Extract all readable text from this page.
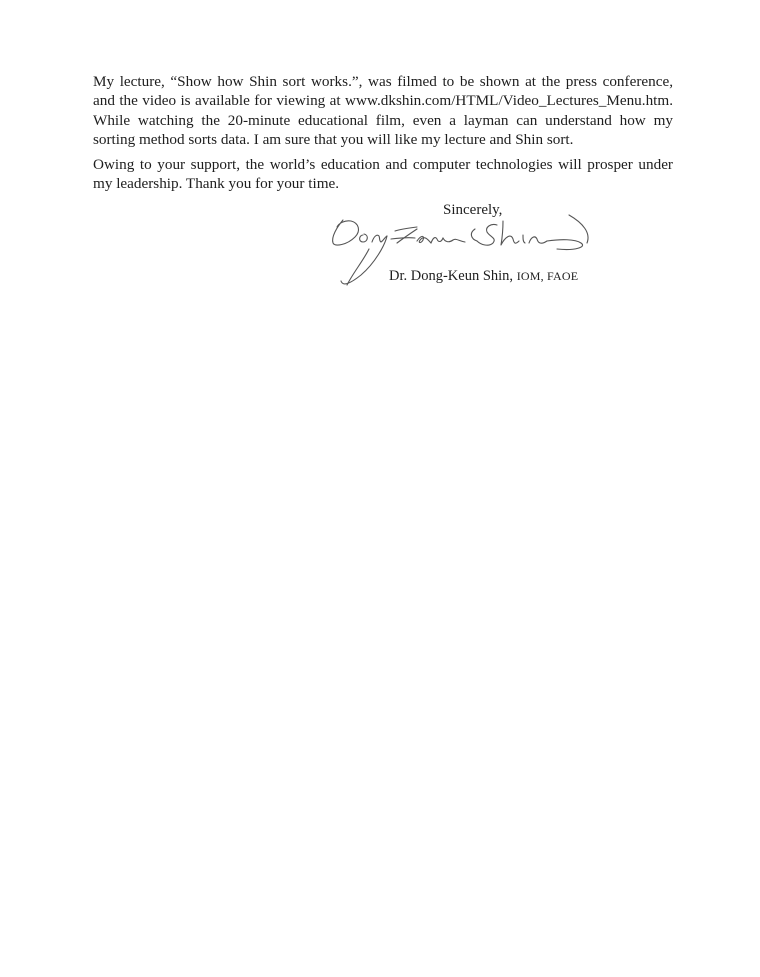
My lecture, “Show how Shin sort works.”, was filmed to be shown at the press conference,
and the video is available for viewing at www.dkshin.com/HTML/Video_Lectures_Menu.htm.
While watching the 20-minute educational film, even a layman can understand how my
sorting method sorts data. I am sure that you will like my lecture and Shin sort.
Owing to your support, the world’s education and computer technologies will prosper under
my leadership. Thank you for your time.

Sincerely,

Dr. Dong-Keun Shin, IOM, FAOE
